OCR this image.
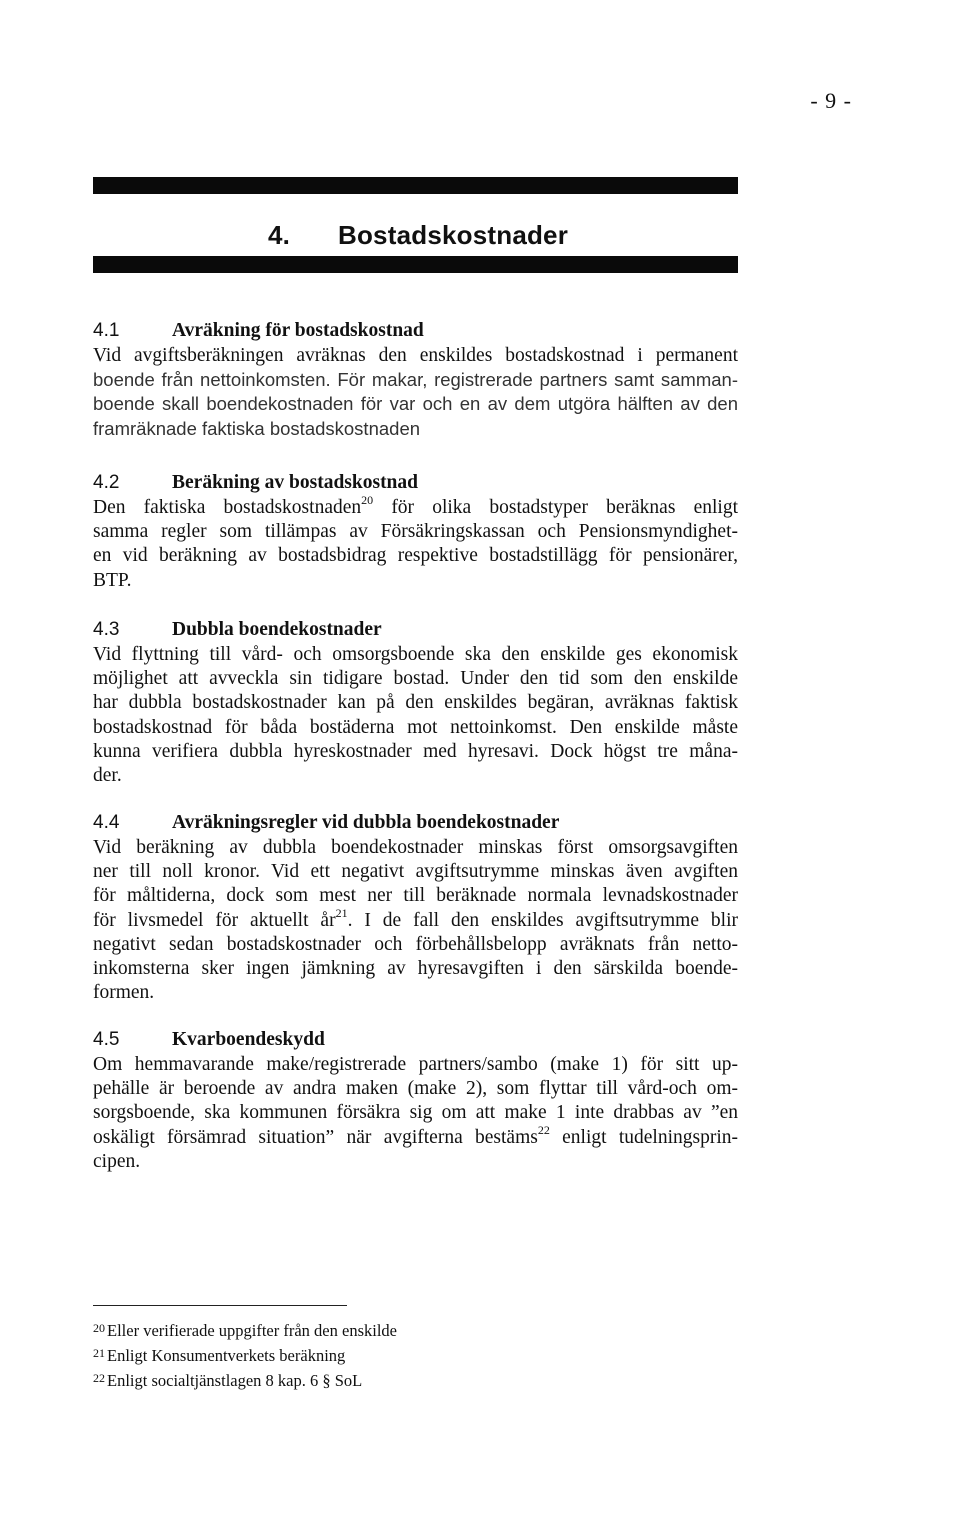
- 9 -
4. Bostadskostnader
4.1	Avräkning för bostadskostnad
Vid avgiftsberäkningen avräknas den enskildes bostadskostnad i permanent
boende från nettoinkomsten. För makar, registrerade partners samt samman-
boende skall boendekostnaden för var och en av dem utgöra hälften av den
framräknade faktiska bostadskostnaden
4.2	Beräkning av bostadskostnad
Den faktiska bostadskostnaden$^{20}$ för olika bostadstyper beräknas enligt
samma regler som tillämpas av Försäkringskassan och Pensionsmyndighet-
en vid beräkning av bostadsbidrag respektive bostadstillägg för pensionärer,
BTP.
4.3	Dubbla boendekostnader
Vid flyttning till vård- och omsorgsboende ska den enskilde ges ekonomisk
möjlighet att avveckla sin tidigare bostad. Under den tid som den enskilde
har dubbla bostadskostnader kan på den enskildes begäran, avräknas faktisk
bostadskostnad för båda bostäderna mot nettoinkomst. Den enskilde måste
kunna verifiera dubbla hyreskostnader med hyresavi. Dock högst tre måna-
der.
4.4	Avräkningsregler vid dubbla boendekostnader
Vid beräkning av dubbla boendekostnader minskas först omsorgsavgiften
ner till noll kronor. Vid ett negativt avgiftsutrymme minskas även avgiften
för måltiderna, dock som mest ner till beräknade normala levnadskostnader
för livsmedel för aktuellt $år^{21}$. I de fall den enskildes avgiftsutrymme blir
negativt sedan bostadskostnader och förbehållsbelopp avräknats från netto-
inkomsterna sker ingen jämkning av hyresavgiften i den särskilda boende-
formen.
4.5	Kvarboendeskydd
Om hemmavarande make/registrerade partners/sambo (make 1) för sitt up-
pehälle är beroende av andra maken (make 2), som flyttar till vård-och om-
sorgsboende, ska kommunen försäkra sig om att make 1 inte drabbas av ”en
oskäligt försämrad situation” när avgifterna bestäms$^{22}$ enligt tudelningsprin-
cipen.
$^{20}$ Eller verifierade uppgifter från den enskilde
$^{21}$ Enligt Konsumentverkets beräkning
$^{22}$ Enligt socialtjänstlagen 8 kap. 6 § SoL
